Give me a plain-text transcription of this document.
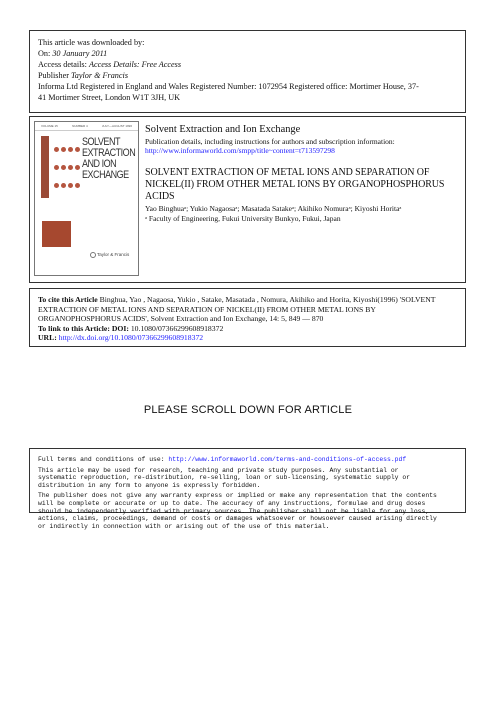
This article was downloaded by:
On: 30 January 2011
Access details: Access Details: Free Access
Publisher Taylor & Francis
Informa Ltd Registered in England and Wales Registered Number: 1072954 Registered office: Mortimer House, 37-
41 Mortimer Street, London W1T 3JH, UK
VOLUME 15	NUMBER 4	JULY—AUGUST 1996
SOLVENT
EXTRACTION
AND ION
EXCHANGE
Taylor & Francis
Solvent Extraction and Ion Exchange
Publication details, including instructions for authors and subscription information:
http://www.informaworld.com/smpp/title~content=t713597298
SOLVENT EXTRACTION OF METAL IONS AND SEPARATION OF NICKEL(II) FROM OTHER METAL IONS BY ORGANOPHOSPHORUS ACIDS
Yao Binghuaᵃ; Yukio Nagaosaᵃ; Masatada Satakeᵃ; Akihiko Nomuraᵃ; Kiyoshi Horitaᵃ
ᵃ Faculty of Engineering, Fukui University Bunkyo, Fukui, Japan
To cite this Article Binghua, Yao , Nagaosa, Yukio , Satake, Masatada , Nomura, Akihiko and Horita, Kiyoshi(1996) 'SOLVENT EXTRACTION OF METAL IONS AND SEPARATION OF NICKEL(II) FROM OTHER METAL IONS BY ORGANOPHOSPHORUS ACIDS', Solvent Extraction and Ion Exchange, 14: 5, 849 — 870
To link to this Article: DOI: 10.1080/07366299608918372
URL: http://dx.doi.org/10.1080/07366299608918372
PLEASE SCROLL DOWN FOR ARTICLE

Full terms and conditions of use: http://www.informaworld.com/terms-and-conditions-of-access.pdf

This article may be used for research, teaching and private study purposes. Any substantial or
systematic reproduction, re-distribution, re-selling, loan or sub-licensing, systematic supply or
distribution in any form to anyone is expressly forbidden.

The publisher does not give any warranty express or implied or make any representation that the contents
will be complete or accurate or up to date. The accuracy of any instructions, formulae and drug doses
should be independently verified with primary sources. The publisher shall not be liable for any loss,
actions, claims, proceedings, demand or costs or damages whatsoever or howsoever caused arising directly
or indirectly in connection with or arising out of the use of this material.
